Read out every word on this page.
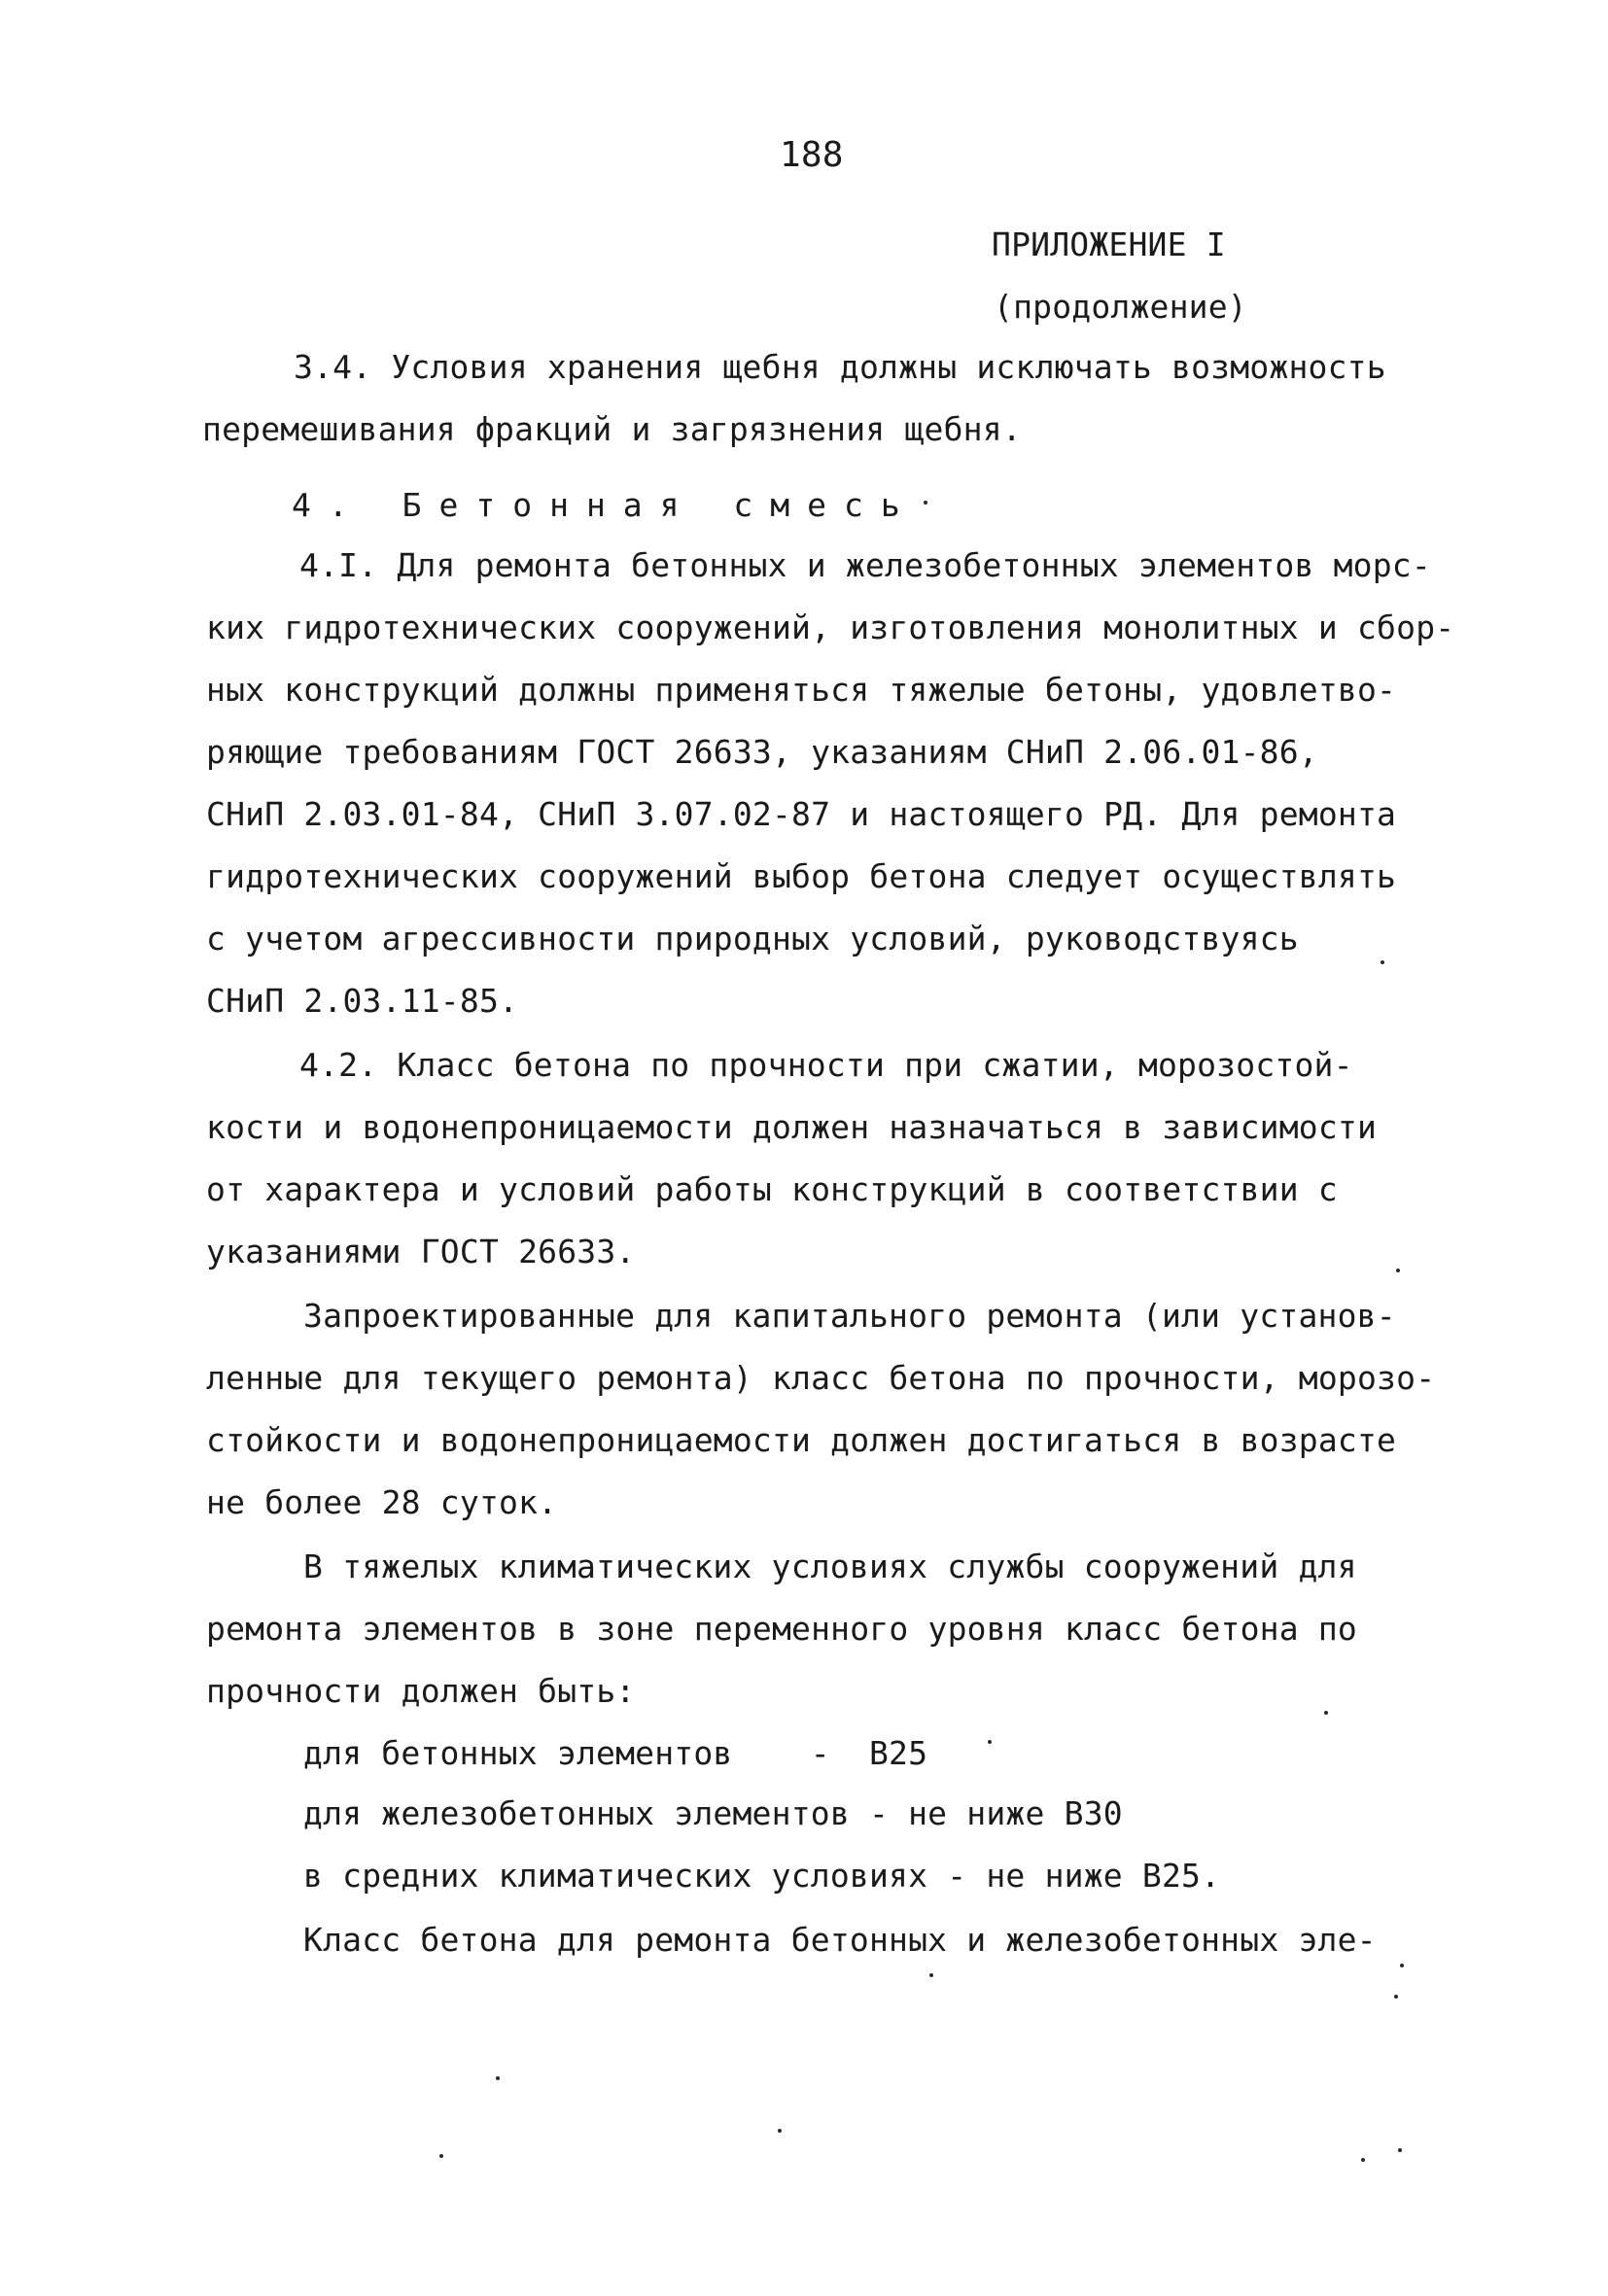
188
ПРИЛОЖЕНИЕ I
(продолжение)
3.4. Условия хранения щебня должны исключать возможность
перемешивания фракций и загрязнения щебня.
4. Бетонная смесь
4.I. Для ремонта бетонных и железобетонных элементов морс-
ких гидротехнических сооружений, изготовления монолитных и сбор-
ных конструкций должны применяться тяжелые бетоны, удовлетво-
ряющие требованиям ГОСТ 26633, указаниям СНиП 2.06.01-86,
СНиП 2.03.01-84, СНиП 3.07.02-87 и настоящего РД. Для ремонта
гидротехнических сооружений выбор бетона следует осуществлять
с учетом агрессивности природных условий, руководствуясь
СНиП 2.03.11-85.
4.2. Класс бетона по прочности при сжатии, морозостой-
кости и водонепроницаемости должен назначаться в зависимости
от характера и условий работы конструкций в соответствии с
указаниями ГОСТ 26633.
Запроектированные для капитального ремонта (или установ-
ленные для текущего ремонта) класс бетона по прочности, морозо-
стойкости и водонепроницаемости должен достигаться в возрасте
не более 28 суток.
В тяжелых климатических условиях службы сооружений для
ремонта элементов в зоне переменного уровня класс бетона по
прочности должен быть:
для бетонных элементов    -  В25
для железобетонных элементов - не ниже В30
в средних климатических условиях - не ниже В25.
Класс бетона для ремонта бетонных и железобетонных эле-
